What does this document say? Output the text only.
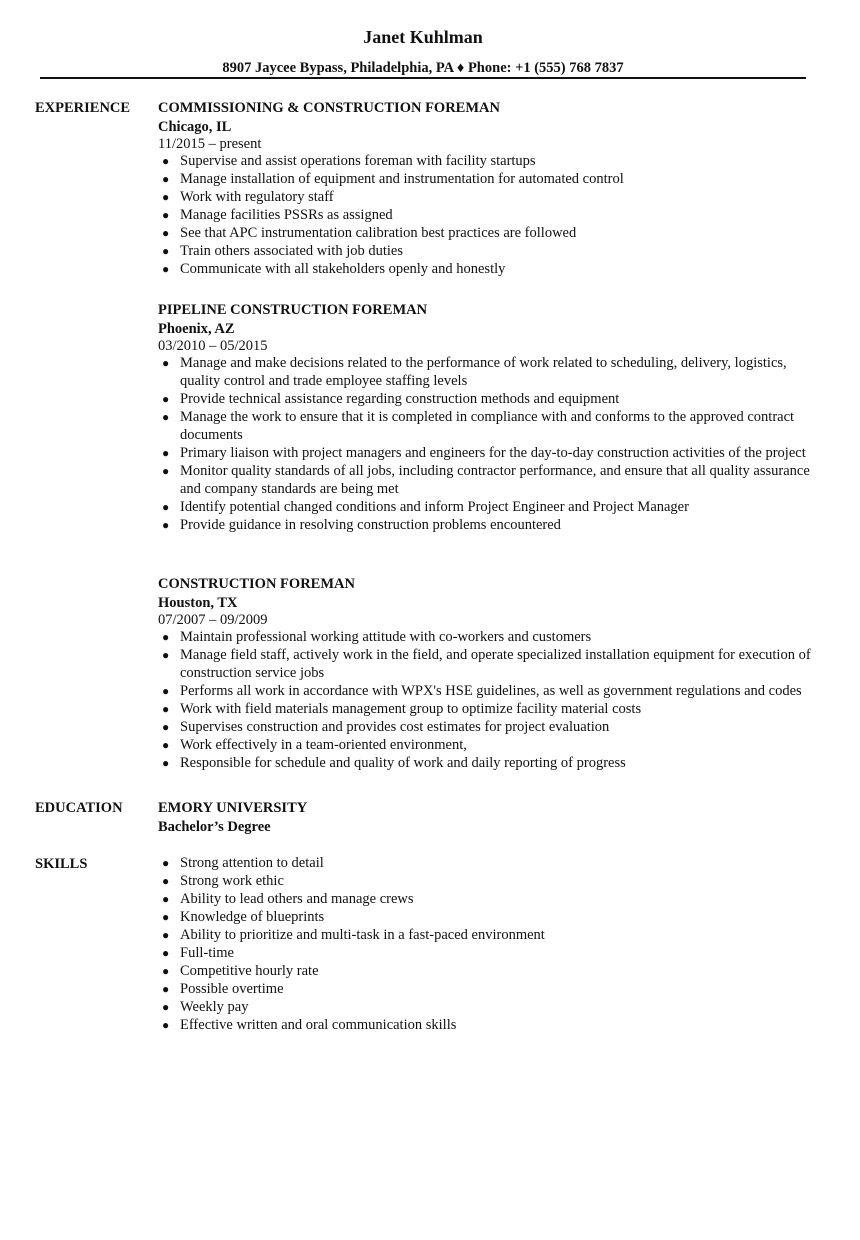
Janet Kuhlman
8907 Jaycee Bypass, Philadelphia, PA ♦ Phone: +1 (555) 768 7837
EXPERIENCE COMMISSIONING & CONSTRUCTION FOREMAN
Chicago, IL
11/2015 – present
● Supervise and assist operations foreman with facility startups
● Manage installation of equipment and instrumentation for automated control
● Work with regulatory staff
● Manage facilities PSSRs as assigned
● See that APC instrumentation calibration best practices are followed
● Train others associated with job duties
● Communicate with all stakeholders openly and honestly
PIPELINE CONSTRUCTION FOREMAN
Phoenix, AZ
03/2010 – 05/2015
● Manage and make decisions related to the performance of work related to scheduling, delivery, logistics, quality control and trade employee staffing levels
● Provide technical assistance regarding construction methods and equipment
● Manage the work to ensure that it is completed in compliance with and conforms to the approved contract documents
● Primary liaison with project managers and engineers for the day-to-day construction activities of the project
● Monitor quality standards of all jobs, including contractor performance, and ensure that all quality assurance and company standards are being met
● Identify potential changed conditions and inform Project Engineer and Project Manager
● Provide guidance in resolving construction problems encountered
CONSTRUCTION FOREMAN
Houston, TX
07/2007 – 09/2009
● Maintain professional working attitude with co-workers and customers
● Manage field staff, actively work in the field, and operate specialized installation equipment for execution of construction service jobs
● Performs all work in accordance with WPX's HSE guidelines, as well as government regulations and codes
● Work with field materials management group to optimize facility material costs
● Supervises construction and provides cost estimates for project evaluation
● Work effectively in a team-oriented environment,
● Responsible for schedule and quality of work and daily reporting of progress
EDUCATION EMORY UNIVERSITY
Bachelor’s Degree
SKILLS	● Strong attention to detail
● Strong work ethic
● Ability to lead others and manage crews
● Knowledge of blueprints
● Ability to prioritize and multi-task in a fast-paced environment
● Full-time
● Competitive hourly rate
● Possible overtime
● Weekly pay
● Effective written and oral communication skills
